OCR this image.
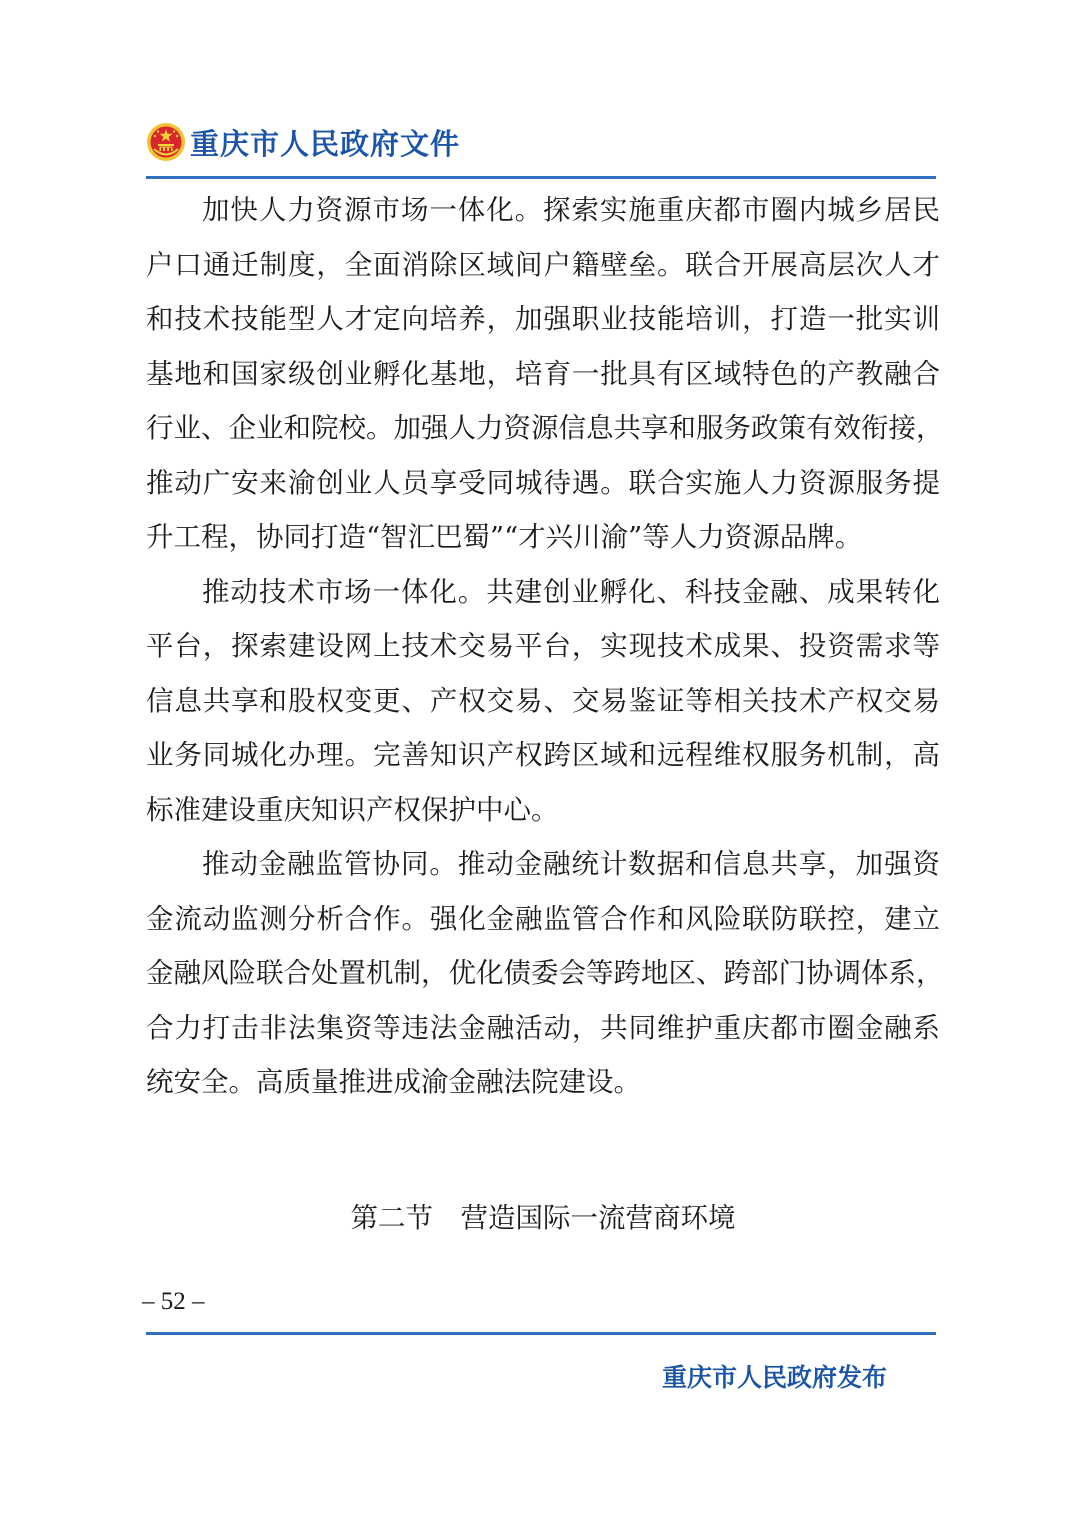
重庆市人民政府文件

加快人力资源市场一体化。探索实施重庆都市圈内城乡居民

户口通迁制度，全面消除区域间户籍壁垒。联合开展高层次人才

和技术技能型人才定向培养，加强职业技能培训，打造一批实训

基地和国家级创业孵化基地，培育一批具有区域特色的产教融合

行业、企业和院校。加强人力资源信息共享和服务政策有效衔接，

推动广安来渝创业人员享受同城待遇。联合实施人力资源服务提

升工程，协同打造“智汇巴蜀”“才兴川渝”等人力资源品牌。

推动技术市场一体化。共建创业孵化、科技金融、成果转化

平台，探索建设网上技术交易平台，实现技术成果、投资需求等

信息共享和股权变更、产权交易、交易鉴证等相关技术产权交易

业务同城化办理。完善知识产权跨区域和远程维权服务机制，高

标准建设重庆知识产权保护中心。

推动金融监管协同。推动金融统计数据和信息共享，加强资

金流动监测分析合作。强化金融监管合作和风险联防联控，建立

金融风险联合处置机制，优化债委会等跨地区、跨部门协调体系，

合力打击非法集资等违法金融活动，共同维护重庆都市圈金融系

统安全。高质量推进成渝金融法院建设。

第二节　营造国际一流营商环境
– 52 –
重庆市人民政府发布
